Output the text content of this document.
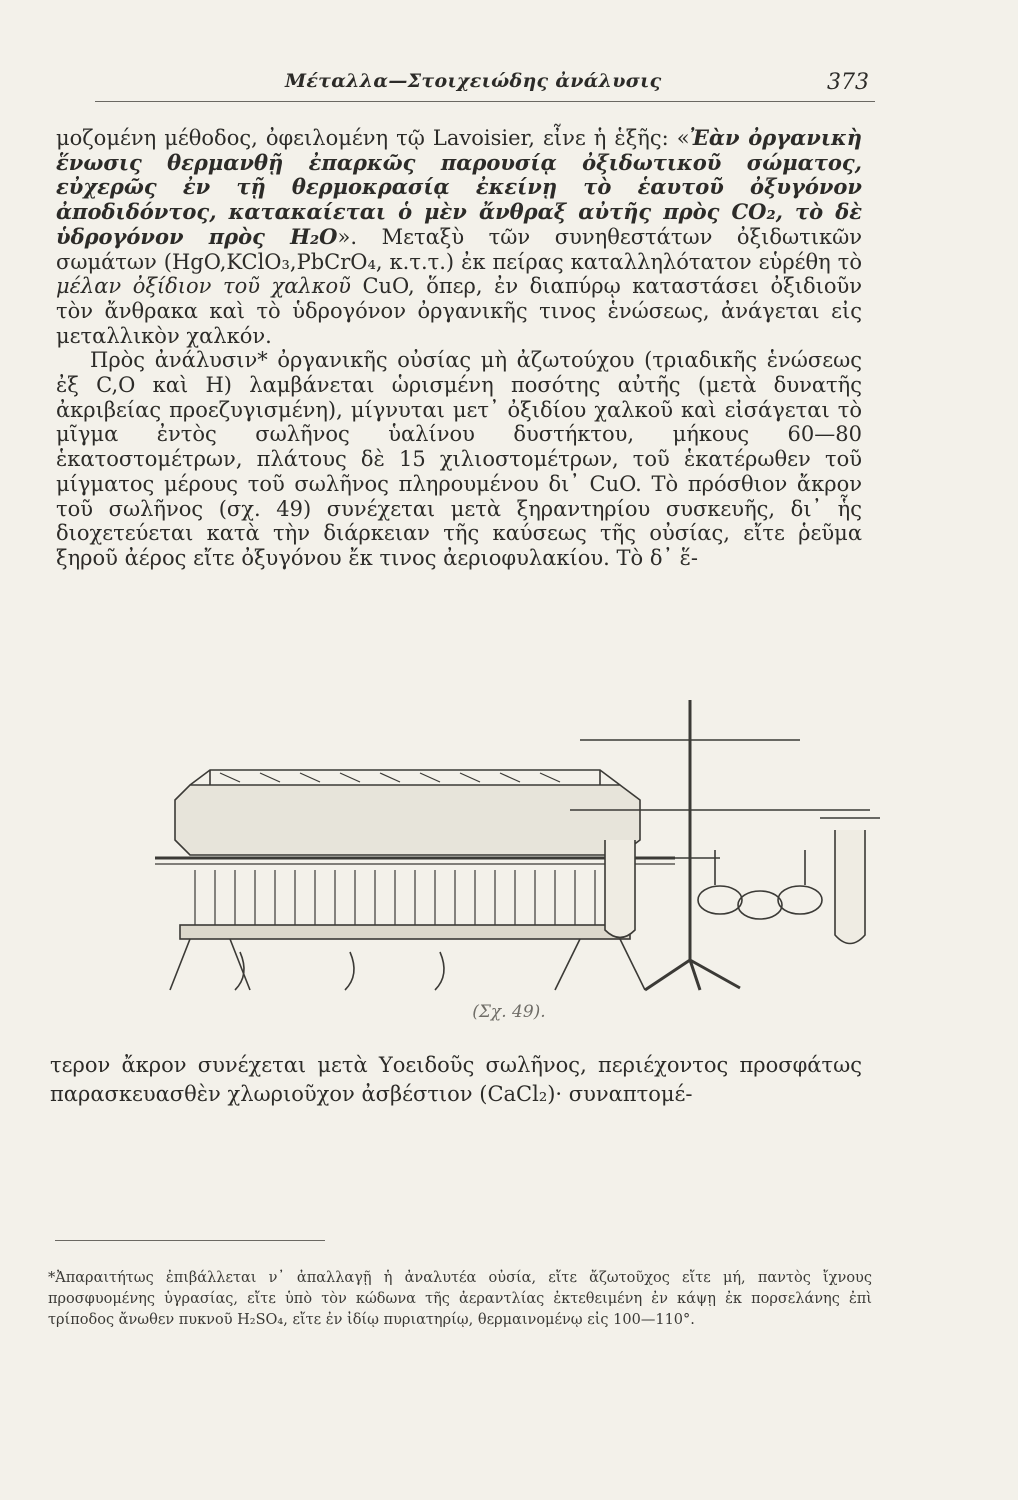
Μέταλλα—Στοιχειώδης ἀνάλυσις	373

μοζομένη μέθοδος, ὀφειλομένη τῷ Lavoisier, εἶνε ἡ ἑξῆς: «Ἐὰν ὀργανικὴ ἕνωσις θερμανθῇ ἐπαρκῶς παρουσίᾳ ὀξιδωτικοῦ σώματος, εὐχερῶς ἐν τῇ θερμοκρασίᾳ ἐκείνῃ τὸ ἑαυτοῦ ὀξυγόνον ἀποδιδόντος, κατακαίεται ὁ μὲν ἄνθραξ αὐτῆς πρὸς CO₂, τὸ δὲ ὑδρογόνον πρὸς H₂O». Μεταξὺ τῶν συνηθεστάτων ὀξιδωτικῶν σωμάτων (HgO,KClO₃,PbCrO₄, κ.τ.τ.) ἐκ πείρας καταλληλότατον εὑρέθη τὸ μέλαν ὀξίδιον τοῦ χαλκοῦ CuO, ὅπερ, ἐν διαπύρῳ καταστάσει ὀξιδιοῦν τὸν ἄνθρακα καὶ τὸ ὑδρογόνον ὀργανικῆς τινος ἑνώσεως, ἀνάγεται εἰς μεταλλικὸν χαλκόν.

Πρὸς ἀνάλυσιν* ὀργανικῆς οὐσίας μὴ ἀζωτούχου (τριαδικῆς ἑνώσεως ἐξ C,O καὶ H) λαμβάνεται ὡρισμένη ποσότης αὐτῆς (μετὰ δυνατῆς ἀκριβείας προεζυγισμένη), μίγνυται μετ᾽ ὀξιδίου χαλκοῦ καὶ εἰσάγεται τὸ μῖγμα ἐντὸς σωλῆνος ὑαλίνου δυστήκτου, μήκους 60—80 ἑκατοστομέτρων, πλάτους δὲ 15 χιλιοστομέτρων, τοῦ ἑκατέρωθεν τοῦ μίγματος μέρους τοῦ σωλῆνος πληρουμένου δι᾽ CuO. Τὸ πρόσθιον ἄκρον τοῦ σωλῆνος (σχ. 49) συνέχεται μετὰ ξηραντηρίου συσκευῆς, δι᾽ ἧς διοχετεύεται κατὰ τὴν διάρκειαν τῆς καύσεως τῆς οὐσίας, εἴτε ῥεῦμα ξηροῦ ἀέρος εἴτε ὀξυγόνου ἔκ τινος ἀεριοφυλακίου. Τὸ δ᾽ ἕ-

(Σχ. 49).

τερον ἄκρον συνέχεται μετὰ Υοειδοῦς σωλῆνος, περιέχοντος προσφάτως παρασκευασθὲν χλωριοῦχον ἀσβέστιον (CaCl₂)· συναπτομέ-

*Ἀπαραιτήτως ἐπιβάλλεται ν᾽ ἀπαλλαγῇ ἡ ἀναλυτέα οὐσία, εἴτε ἄζωτοῦχος εἴτε μή, παντὸς ἴχνους προσφυομένης ὑγρασίας, εἴτε ὑπὸ τὸν κώδωνα τῆς ἀεραντλίας ἐκτεθειμένη ἐν κάψῃ ἐκ πορσελάνης ἐπὶ τρίποδος ἄνωθεν πυκνοῦ H₂SO₄, εἴτε ἐν ἰδίῳ πυριατηρίῳ, θερμαινομένῳ εἰς 100—110°.
